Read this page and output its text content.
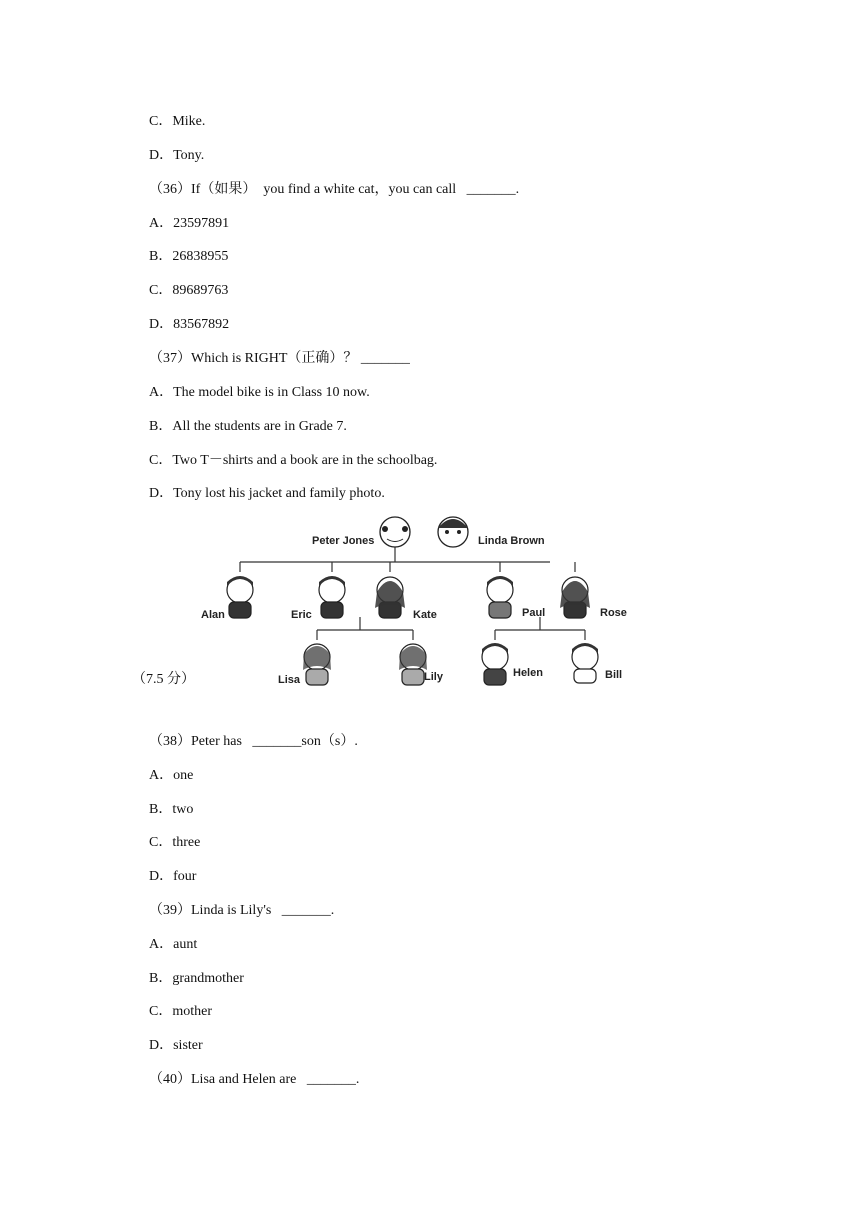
C．Mike.
D．Tony.
（36）If（如果）  you find a white cat，you can call   _______.
A．23597891
B．26838955
C．89689763
D．83567892
（37）Which is RIGHT（正确）？ _______
A．The model bike is in Class 10 now.
B．All the students are in Grade 7.
C．Two T－shirts and a book are in the schoolbag.
D．Tony lost his jacket and family photo.
Peter Jones	Linda Brown
Alan	Eric	Kate	Paul	Rose
Lisa	Lily	Helen	Bill
（7.5 分）
（38）Peter has   _______son（s）.
A．one
B．two
C．three
D．four
（39）Linda is Lily's   _______.
A．aunt
B．grandmother
C．mother
D．sister
（40）Lisa and Helen are   _______.
